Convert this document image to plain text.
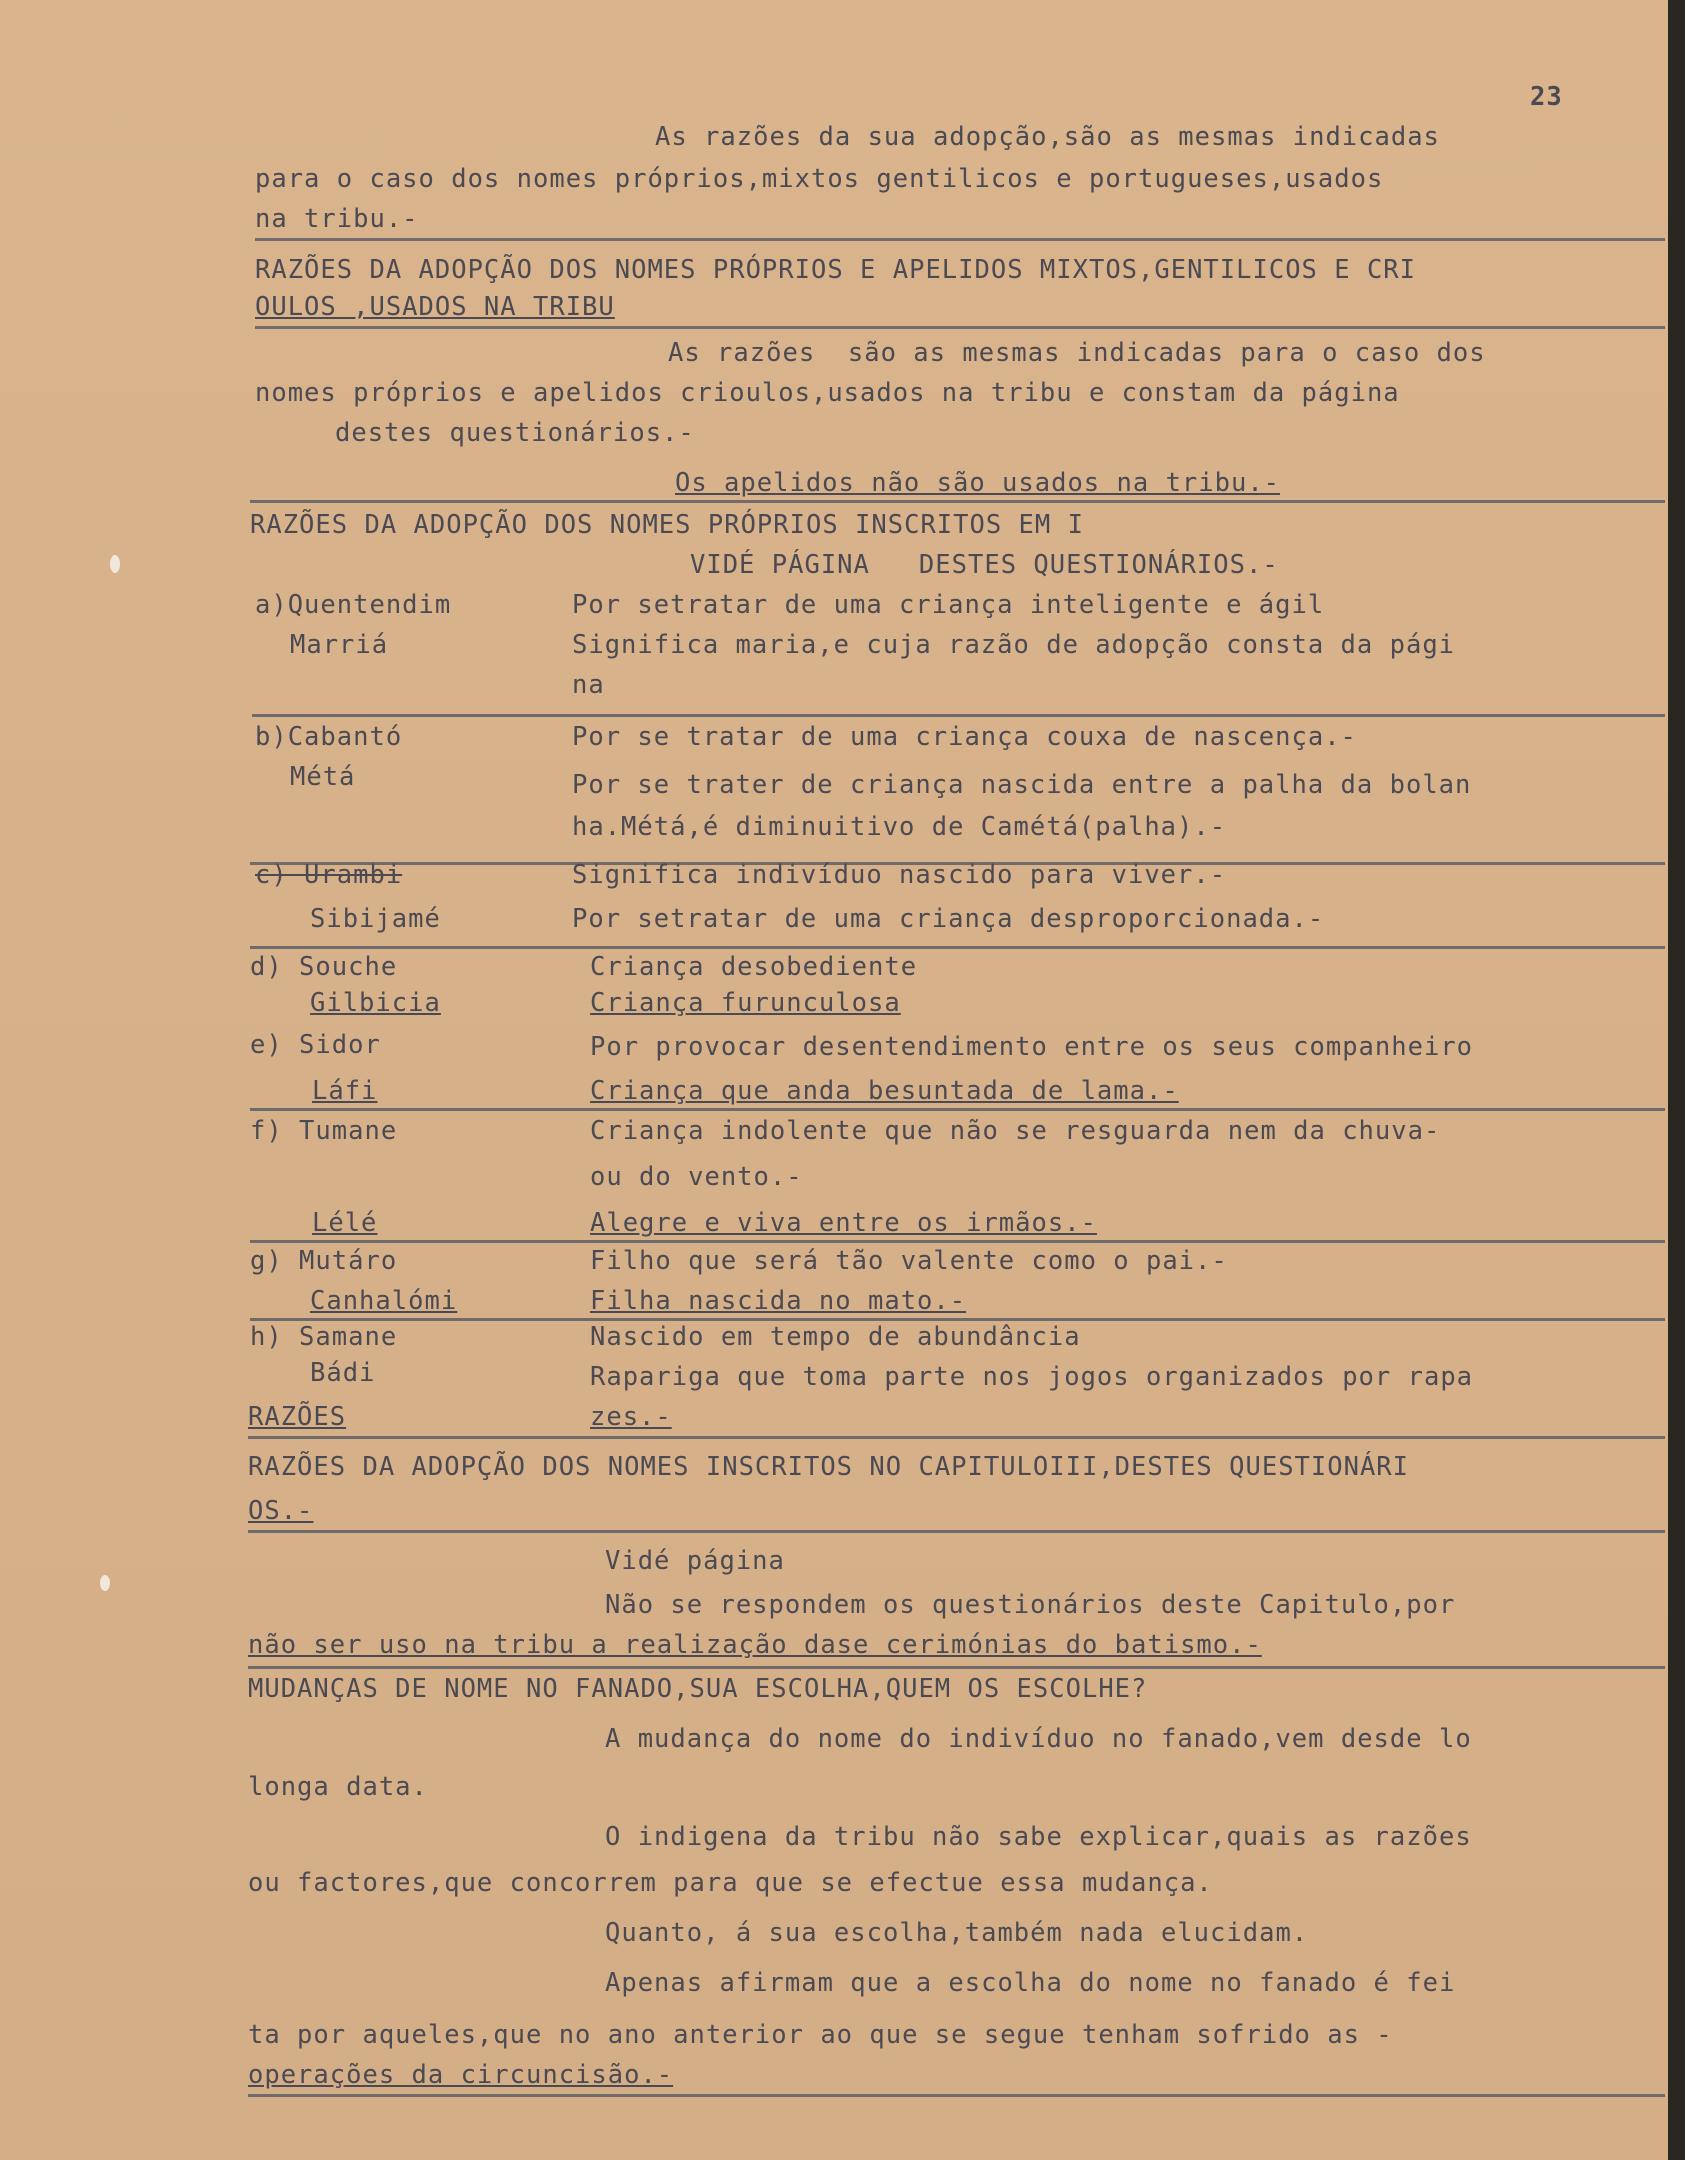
23
As razões da sua adopção,são as mesmas indicadas
para o caso dos nomes próprios,mixtos gentilicos e portugueses,usados
na tribu.-
RAZÕES DA ADOPÇÃO DOS NOMES PRÓPRIOS E APELIDOS MIXTOS,GENTILICOS E CRI
OULOS ,USADOS NA TRIBU
As razões  são as mesmas indicadas para o caso dos
nomes próprios e apelidos crioulos,usados na tribu e constam da página
destes questionários.-
Os apelidos não são usados na tribu.-
RAZÕES DA ADOPÇÃO DOS NOMES PRÓPRIOS INSCRITOS EM I
VIDÉ PÁGINA   DESTES QUESTIONÁRIOS.-
a)Quentendim	Por setratar de uma criança inteligente e ágil
Marriá	Significa maria,e cuja razão de adopção consta da pági
na
b)Cabantó	Por se tratar de uma criança couxa de nascença.-
Métá	Por se trater de criança nascida entre a palha da bolan
ha.Métá,é diminuitivo de Camétá(palha).-
c) Urambi	Significa indivíduo nascido para viver.-
Sibijamé	Por setratar de uma criança desproporcionada.-
d) Souche	Criança desobediente
Gilbicia	Criança furunculosa
e) Sidor	Por provocar desentendimento entre os seus companheiro
Láfi	Criança que anda besuntada de lama.-
f) Tumane	Criança indolente que não se resguarda nem da chuva-
ou do vento.-
Lélé	Alegre e viva entre os irmãos.-
g) Mutáro	Filho que será tão valente como o pai.-
Canhalómi	Filha nascida no mato.-
h) Samane	Nascido em tempo de abundância
Bádi	Rapariga que toma parte nos jogos organizados por rapa
RAZÕES	zes.-
RAZÕES DA ADOPÇÃO DOS NOMES INSCRITOS NO CAPITULOIII,DESTES QUESTIONÁRI
OS.-
Vidé página
Não se respondem os questionários deste Capitulo,por
não ser uso na tribu a realização dase cerimónias do batismo.-
MUDANÇAS DE NOME NO FANADO,SUA ESCOLHA,QUEM OS ESCOLHE?
A mudança do nome do indivíduo no fanado,vem desde lo
longa data.
O indigena da tribu não sabe explicar,quais as razões
ou factores,que concorrem para que se efectue essa mudança.
Quanto, á sua escolha,também nada elucidam.
Apenas afirmam que a escolha do nome no fanado é fei
ta por aqueles,que no ano anterior ao que se segue tenham sofrido as -
operações da circuncisão.-
